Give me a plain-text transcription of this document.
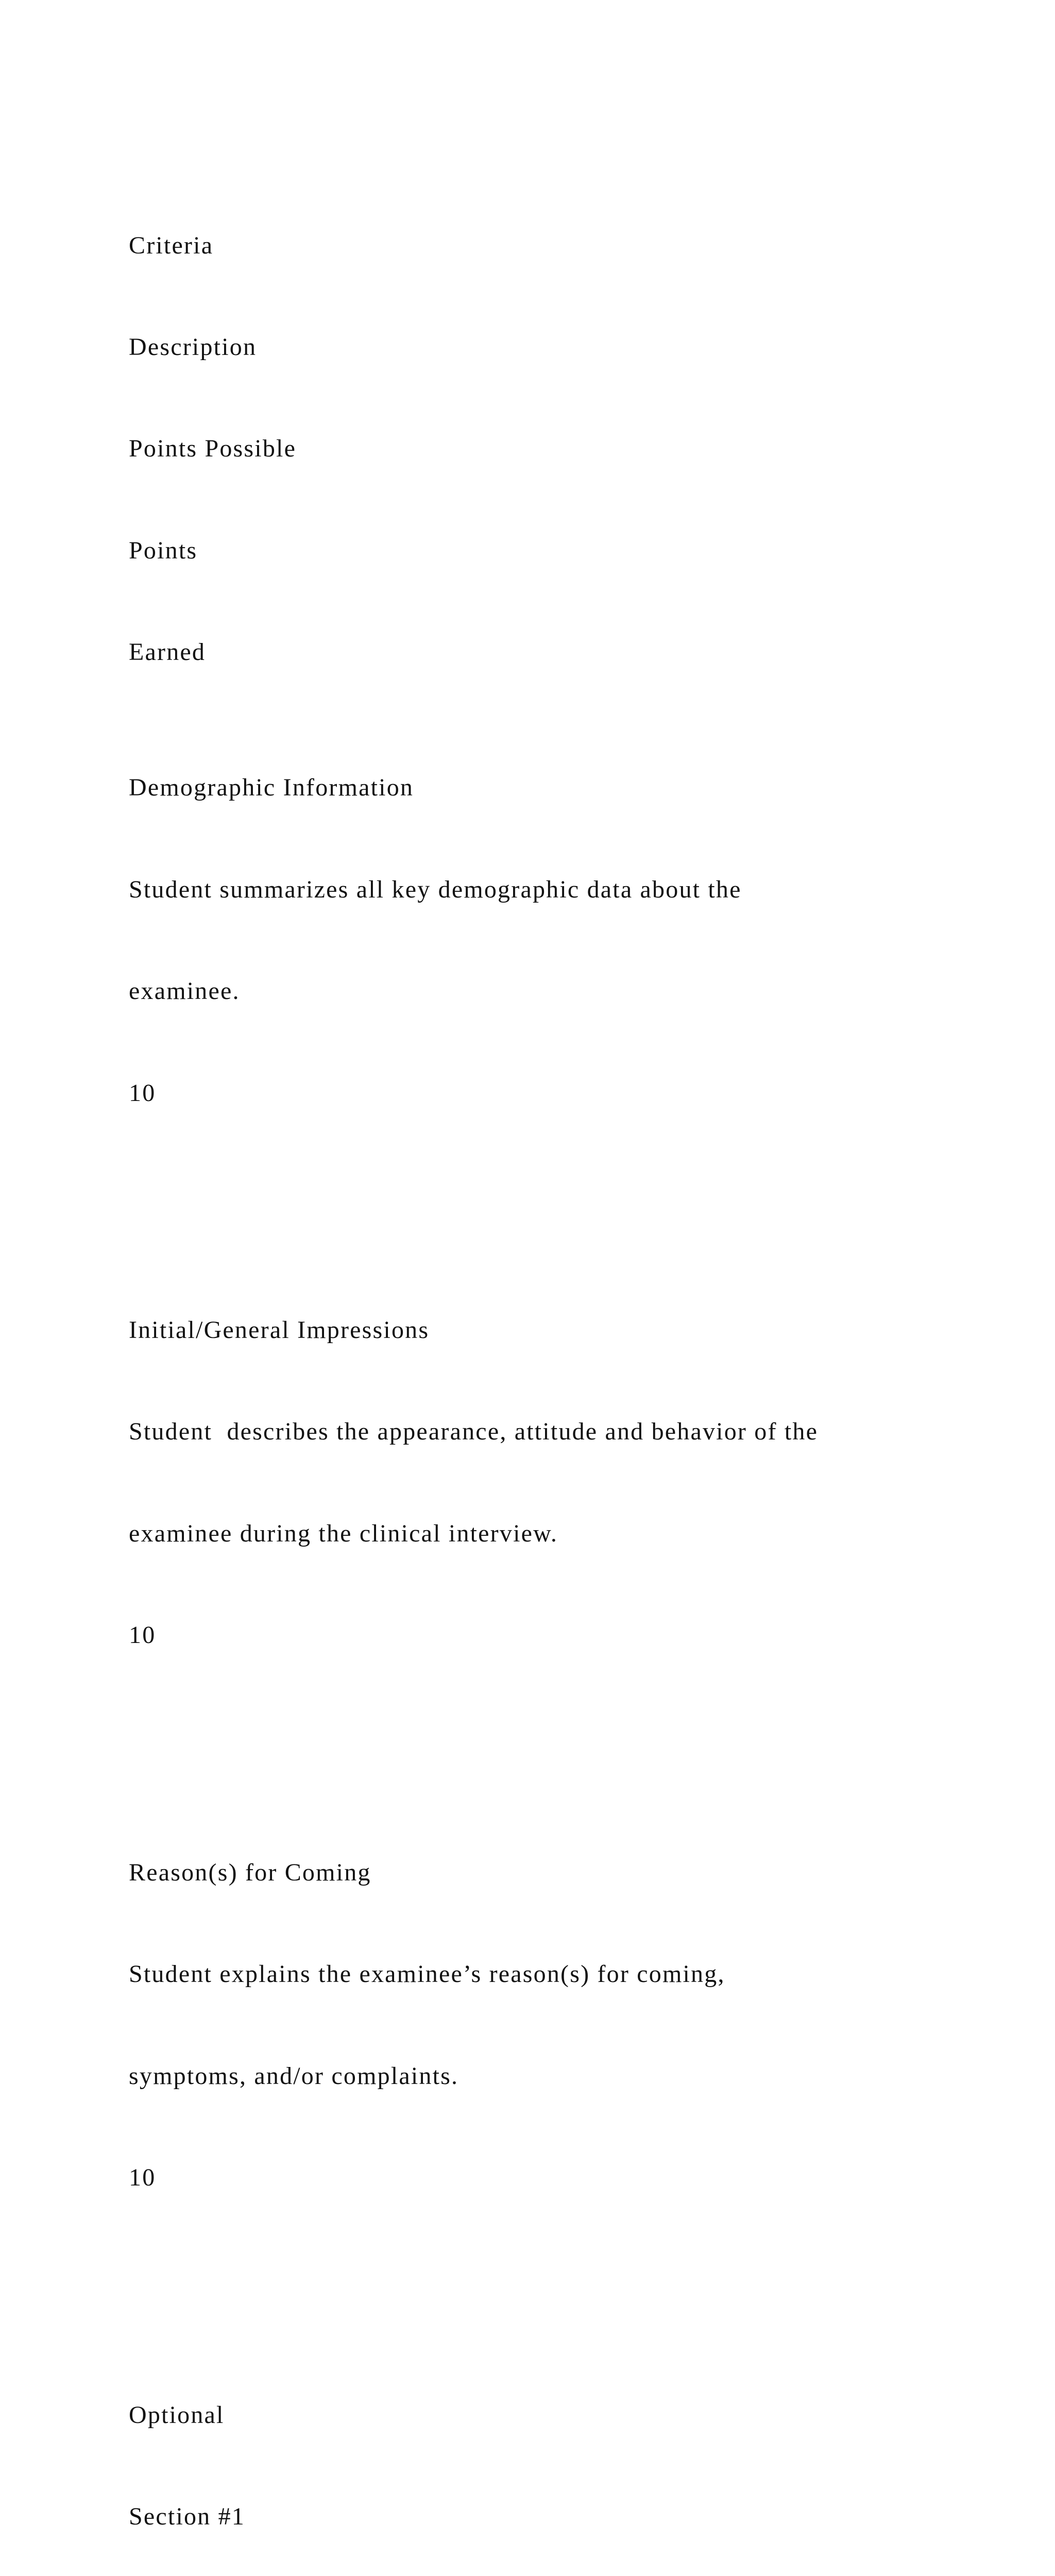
Criteria

Description

Points Possible

Points

Earned

Demographic Information

Student summarizes all key demographic data about the

examinee.

10

Initial/General Impressions

Student  describes the appearance, attitude and behavior of the

examinee during the clinical interview.

10

Reason(s) for Coming

Student explains the examinee’s reason(s) for coming,

symptoms, and/or complaints.

10

Optional

Section #1
